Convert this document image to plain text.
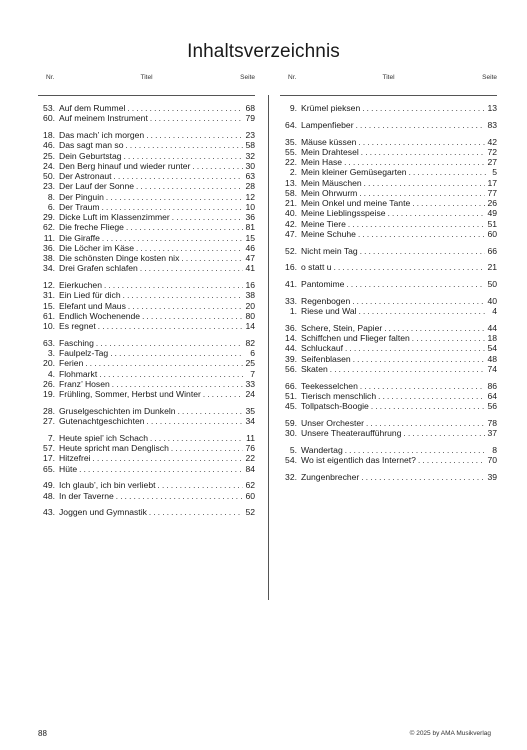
Inhaltsverzeichnis
Nr.	Titel	Seite
53. Auf dem Rummel . . .	68
60. Auf meinem Instrument . . .	79
18. Das mach’ ich morgen . . .	23
46. Das sagt man so . . .	58
25. Dein Geburtstag . . .	32
24. Den Berg hinauf und wieder runter . . .	30
50. Der Astronaut . . .	63
23. Der Lauf der Sonne . . .	28
8. Der Pinguin . . .	12
6. Der Traum . . .	10
29. Dicke Luft im Klassenzimmer . . .	36
62. Die freche Fliege . . .	81
11. Die Giraffe . . .	15
36. Die Löcher im Käse . . .	46
38. Die schönsten Dinge kosten nix . . .	47
34. Drei Grafen schlafen . . .	41
12. Eierkuchen . . .	16
31. Ein Lied für dich . . .	38
15. Elefant und Maus . . .	20
61. Endlich Wochenende . . .	80
10. Es regnet . . .	14
63. Fasching . . .	82
3. Faulpelz-Tag . . .	6
20. Ferien . . .	25
4. Flohmarkt . . .	7
26. Franz’ Hosen . . .	33
19. Frühling, Sommer, Herbst und Winter . . .	24
28. Gruselgeschichten im Dunkeln . . .	35
27. Gutenachtgeschichten . . .	34
7. Heute spiel’ ich Schach . . .	11
57. Heute spricht man Denglisch . . .	76
17. Hitzefrei . . .	22
65. Hüte . . .	84
49. Ich glaub’, ich bin verliebt . . .	62
48. In der Taverne . . .	60
43. Joggen und Gymnastik . . .	52
Nr.	Titel	Seite
9. Krümel pieksen . . .	13
64. Lampenfieber . . .	83
35. Mäuse küssen . . .	42
55. Mein Drahtesel . . .	72
22. Mein Hase . . .	27
2. Mein kleiner Gemüsegarten . . .	5
13. Mein Mäuschen . . .	17
58. Mein Ohrwurm . . .	77
21. Mein Onkel und meine Tante . . .	26
40. Meine Lieblingsspeise . . .	49
42. Meine Tiere . . .	51
47. Meine Schuhe . . .	60
52. Nicht mein Tag . . .	66
16. o statt u . . .	21
41. Pantomime . . .	50
33. Regenbogen . . .	40
1. Riese und Wal . . .	4
36. Schere, Stein, Papier . . .	44
14. Schiffchen und Flieger falten . . .	18
44. Schluckauf . . .	54
39. Seifenblasen . . .	48
56. Skaten . . .	74
66. Teekesselchen . . .	86
51. Tierisch menschlich . . .	64
45. Tollpatsch-Boogie . . .	56
59. Unser Orchester . . .	78
30. Unsere Theateraufführung . . .	37
5. Wandertag . . .	8
54. Wo ist eigentlich das Internet? . . .	70
32. Zungenbrecher . . .	39
88	© 2025 by AMA Musikverlag
